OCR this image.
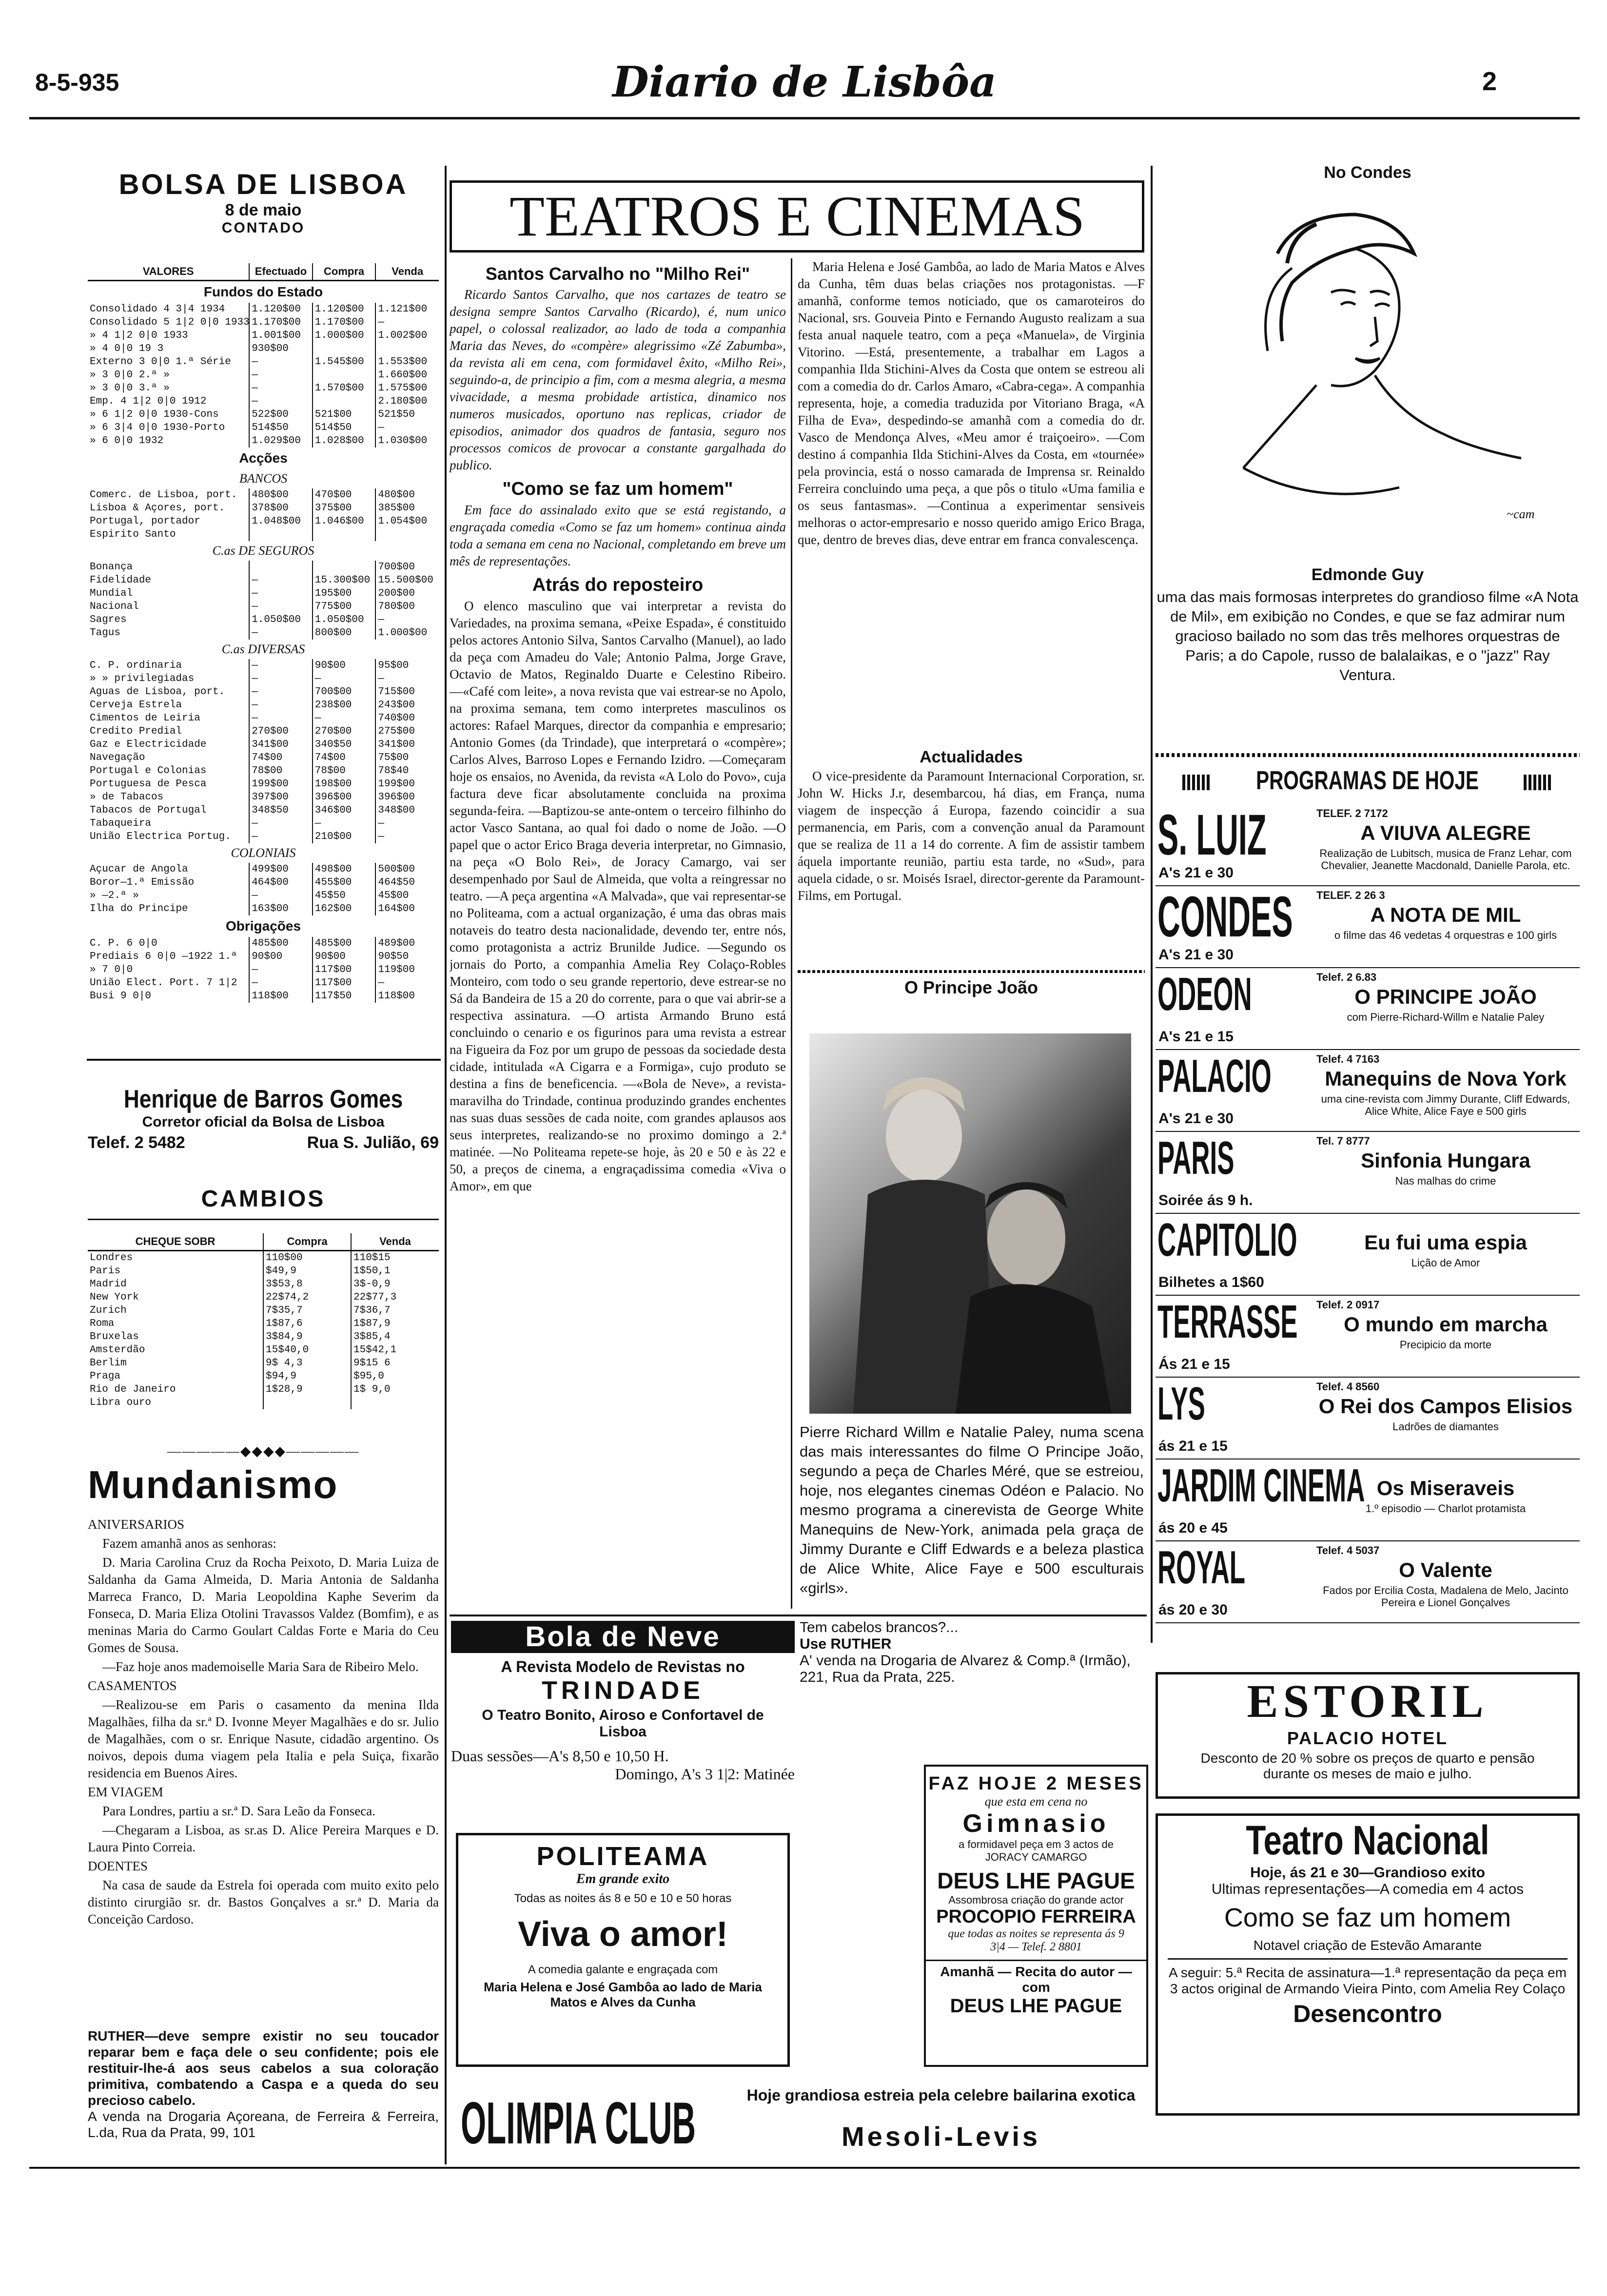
8-5-935	Diario de Lisbôa	2
BOLSA DE LISBOA
8 de maio
CONTADO
VALORES	Efectuado	Compra	Venda
Fundos do Estado			
Consolidado 4 3|4 1934	1.120$00	1.120$00	1.121$00
Consolidado 5 1|2 0|0 1933	1.170$00	1.170$00	—
» 4 1|2 0|0 1933	1.001$00	1.000$00	1.002$00
» 4 0|0 19 3	930$00		
Externo 3 0|0 1.ª Série	—	1.545$00	1.553$00
» 3 0|0 2.ª »	—		1.660$00
» 3 0|0 3.ª »	—	1.570$00	1.575$00
Emp. 4 1|2 0|0 1912	—		2.180$00
» 6 1|2 0|0 1930-Cons	522$00	521$00	521$50
» 6 3|4 0|0 1930-Porto	514$50	514$50	—
» 6 0|0 1932	1.029$00	1.028$00	1.030$00
Acções			
BANCOS			
Comerc. de Lisboa, port.	480$00	470$00	480$00
Lisboa & Açores, port.	378$00	375$00	385$00
Portugal, portador	1.048$00	1.046$00	1.054$00
Espirito Santo			
C.as DE SEGUROS			
Bonança			700$00
Fidelidade	—	15.300$00	15.500$00
Mundial	—	195$00	200$00
Nacional	—	775$00	780$00
Sagres	1.050$00	1.050$00	—
Tagus	—	800$00	1.000$00
C.as DIVERSAS			
C. P. ordinaria	—	90$00	95$00
» » privilegiadas	—	—	—
Aguas de Lisboa, port.	—	700$00	715$00
Cerveja Estrela	—	238$00	243$00
Cimentos de Leiria	—	—	740$00
Credito Predial	270$00	270$00	275$00
Gaz e Electricidade	341$00	340$50	341$00
Navegação	74$00	74$00	75$00
Portugal e Colonias	78$00	78$00	78$40
Portuguesa de Pesca	199$00	198$00	199$00
» de Tabacos	397$00	396$00	396$00
Tabacos de Portugal	348$50	346$00	348$00
Tabaqueira	—	—	—
União Electrica Portug.	—	210$00	—
COLONIAIS			
Açucar de Angola	499$00	498$00	500$00
Boror—1.ª Emissão	464$00	455$00	464$50
» —2.ª »	—	45$50	45$00
Ilha do Principe	163$00	162$00	164$00
Obrigações			
C. P. 6 0|0	485$00	485$00	489$00
Prediais 6 0|0 —1922 1.ª	90$00	90$00	90$50
» 7 0|0	—	117$00	119$00
União Elect. Port. 7 1|2	—	117$00	—
Busi 9 0|0	118$00	117$50	118$00
Henrique de Barros Gomes
Corretor oficial da Bolsa de Lisboa
Telef. 2 5482	Rua S. Julião, 69
CAMBIOS
CHEQUE SOBR	Compra	Venda
Londres	110$00	110$15
Paris	$49,9	1$50,1
Madrid	3$53,8	3$-0,9
New York	22$74,2	22$77,3
Zurich	7$35,7	7$36,7
Roma	1$87,6	1$87,9
Bruxelas	3$84,9	3$85,4
Amsterdão	15$40,0	15$42,1
Berlim	9$ 4,3	9$15 6
Praga	$94,9	$95,0
Rio de Janeiro	1$28,9	1$ 9,0
Libra ouro		
—————◆◆◆◆—————
Mundanismo

ANIVERSARIOS

Fazem amanhã anos as senhoras:

D. Maria Carolina Cruz da Rocha Peixoto, D. Maria Luiza de Saldanha da Gama Almeida, D. Maria Antonia de Saldanha Marreca Franco, D. Maria Leopoldina Kaphe Severim da Fonseca, D. Maria Eliza Otolini Travassos Valdez (Bomfim), e as meninas Maria do Carmo Goulart Caldas Forte e Maria do Ceu Gomes de Sousa.

—Faz hoje anos mademoiselle Maria Sara de Ribeiro Melo.

CASAMENTOS

—Realizou-se em Paris o casamento da menina Ilda Magalhães, filha da sr.ª D. Ivonne Meyer Magalhães e do sr. Julio de Magalhães, com o sr. Enrique Nasute, cidadão argentino. Os noivos, depois duma viagem pela Italia e pela Suiça, fixarão residencia em Buenos Aires.

EM VIAGEM

Para Londres, partiu a sr.ª D. Sara Leão da Fonseca.

—Chegaram a Lisboa, as sr.as D. Alice Pereira Marques e D. Laura Pinto Correia.

DOENTES

Na casa de saude da Estrela foi operada com muito exito pelo distinto cirurgião sr. dr. Bastos Gonçalves a sr.ª D. Maria da Conceição Cardoso.

RUTHER—deve sempre existir no seu toucador reparar bem e faça dele o seu confidente; pois ele restituir-lhe-á aos seus cabelos a sua coloração primitiva, combatendo a Caspa e a queda do seu precioso cabelo.
A venda na Drogaria Açoreana, de Ferreira & Ferreira, L.da, Rua da Prata, 99, 101
TEATROS E CINEMAS
Santos Carvalho no "Milho Rei"

Ricardo Santos Carvalho, que nos cartazes de teatro se designa sempre Santos Carvalho (Ricardo), é, num unico papel, o colossal realizador, ao lado de toda a companhia Maria das Neves, do «compère» alegrissimo «Zé Zabumba», da revista ali em cena, com formidavel êxito, «Milho Rei», seguindo-a, de principio a fim, com a mesma alegria, a mesma vivacidade, a mesma probidade artistica, dinamico nos numeros musicados, oportuno nas replicas, criador de episodios, animador dos quadros de fantasia, seguro nos processos comicos de provocar a constante gargalhada do publico.

"Como se faz um homem"

Em face do assinalado exito que se está registando, a engraçada comedia «Como se faz um homem» continua ainda toda a semana em cena no Nacional, completando em breve um mês de representações.

Atrás do reposteiro

O elenco masculino que vai interpretar a revista do Variedades, na proxima semana, «Peixe Espada», é constituido pelos actores Antonio Silva, Santos Carvalho (Manuel), ao lado da peça com Amadeu do Vale; Antonio Palma, Jorge Grave, Octavio de Matos, Reginaldo Duarte e Celestino Ribeiro. —«Café com leite», a nova revista que vai estrear-se no Apolo, na proxima semana, tem como interpretes masculinos os actores: Rafael Marques, director da companhia e empresario; Antonio Gomes (da Trindade), que interpretará o «compère»; Carlos Alves, Barroso Lopes e Fernando Izidro. —Começaram hoje os ensaios, no Avenida, da revista «A Lolo do Povo», cuja factura deve ficar absolutamente concluida na proxima segunda-feira. —Baptizou-se ante-ontem o terceiro filhinho do actor Vasco Santana, ao qual foi dado o nome de João. —O papel que o actor Erico Braga deveria interpretar, no Gimnasio, na peça «O Bolo Rei», de Joracy Camargo, vai ser desempenhado por Saul de Almeida, que volta a reingressar no teatro. —A peça argentina «A Malvada», que vai representar-se no Politeama, com a actual organização, é uma das obras mais notaveis do teatro desta nacionalidade, devendo ter, entre nós, como protagonista a actriz Brunilde Judice. —Segundo os jornais do Porto, a companhia Amelia Rey Colaço-Robles Monteiro, com todo o seu grande repertorio, deve estrear-se no Sá da Bandeira de 15 a 20 do corrente, para o que vai abrir-se a respectiva assinatura. —O artista Armando Bruno está concluindo o cenario e os figurinos para uma revista a estrear na Figueira da Foz por um grupo de pessoas da sociedade desta cidade, intitulada «A Cigarra e a Formiga», cujo produto se destina a fins de beneficencia. —«Bola de Neve», a revista-maravilha do Trindade, continua produzindo grandes enchentes nas suas duas sessões de cada noite, com grandes aplausos aos seus interpretes, realizando-se no proximo domingo a 2.ª matinée. —No Politeama repete-se hoje, às 20 e 50 e às 22 e 50, a preços de cinema, a engraçadissima comedia «Viva o Amor», em que

Maria Helena e José Gambôa, ao lado de Maria Matos e Alves da Cunha, têm duas belas criações nos protagonistas. —F amanhã, conforme temos noticiado, que os camaroteiros do Nacional, srs. Gouveia Pinto e Fernando Augusto realizam a sua festa anual naquele teatro, com a peça «Manuela», de Virginia Vitorino. —Está, presentemente, a trabalhar em Lagos a companhia Ilda Stichini-Alves da Costa que ontem se estreou ali com a comedia do dr. Carlos Amaro, «Cabra-cega». A companhia representa, hoje, a comedia traduzida por Vitoriano Braga, «A Filha de Eva», despedindo-se amanhã com a comedia do dr. Vasco de Mendonça Alves, «Meu amor é traiçoeiro». —Com destino á companhia Ilda Stichini-Alves da Costa, em «tournée» pela provincia, está o nosso camarada de Imprensa sr. Reinaldo Ferreira concluindo uma peça, a que pôs o titulo «Uma familia e os seus fantasmas». —Continua a experimentar sensiveis melhoras o actor-empresario e nosso querido amigo Erico Braga, que, dentro de breves dias, deve entrar em franca convalescença.

Actualidades

O vice-presidente da Paramount Internacional Corporation, sr. John W. Hicks J.r, desembarcou, há dias, em França, numa viagem de inspecção á Europa, fazendo coincidir a sua permanencia, em Paris, com a convenção anual da Paramount que se realiza de 11 a 14 do corrente. A fim de assistir tambem áquela importante reunião, partiu esta tarde, no «Sud», para aquela cidade, o sr. Moisés Israel, director-gerente da Paramount-Films, em Portugal.

O Principe João
Pierre Richard Willm e Natalie Paley, numa scena das mais interessantes do filme O Principe João, segundo a peça de Charles Méré, que se estreiou, hoje, nos elegantes cinemas Odéon e Palacio. No mesmo programa a cinerevista de George White Manequins de New-York, animada pela graça de Jimmy Durante e Cliff Edwards e a beleza plastica de Alice White, Alice Faye e 500 esculturais «girls».
Bola de Neve
A Revista Modelo de Revistas no
TRINDADE
O Teatro Bonito, Airoso e Confortavel de Lisboa
Duas sessões—A's 8,50 e 10,50 H.
Domingo, A's 3 1|2: Matinée
Tem cabelos brancos?...
Use RUTHER
A' venda na Drogaria de Alvarez & Comp.ª (Irmão), 221, Rua da Prata, 225.
POLITEAMA
Em grande exito
Todas as noites ás 8 e 50 e 10 e 50 horas
Viva o amor!
A comedia galante e engraçada com
Maria Helena e José Gambôa ao lado de Maria Matos e Alves da Cunha
FAZ HOJE 2 MESES
que esta em cena no
Gimnasio
a formidavel peça em 3 actos de JORACY CAMARGO
DEUS LHE PAGUE
Assombrosa criação do grande actor
PROCOPIO FERREIRA
que todas as noites se representa ás 9 3|4 — Telef. 2 8801
Amanhã — Recita do autor — com
DEUS LHE PAGUE
OLIMPIA CLUB	Hoje grandiosa estreia pela celebre bailarina exotica
Mesoli-Levis
No Condes
~cam
Edmonde Guy
uma das mais formosas interpretes do grandioso filme «A Nota de Mil», em exibição no Condes, e que se faz admirar num gracioso bailado no som das três melhores orquestras de Paris; a do Capole, russo de balalaikas, e o "jazz" Ray Ventura.
PROGRAMAS DE HOJE
S. LUIZ	TELEF. 2 7172
A's 21 e 30
A VIUVA ALEGRE
Realização de Lubitsch, musica de Franz Lehar, com Chevalier, Jeanette Macdonald, Danielle Parola, etc.
CONDES TELEF. 2 26 3
A's 21 e 30
A NOTA DE MIL
o filme das 46 vedetas 4 orquestras e 100 girls
ODEON	Telef. 2 6.83
A's 21 e 15
O PRINCIPE JOÃO
com Pierre-Richard-Willm e Natalie Paley
PALACIO	Telef. 4 7163
A's 21 e 30
Manequins de Nova York
uma cine-revista com Jimmy Durante, Cliff Edwards, Alice White, Alice Faye e 500 girls
PARIS	Tel. 7 8777
Soirée ás 9 h.
Sinfonia Hungara
Nas malhas do crime
CAPITOLIO
Bilhetes a 1$60
Eu fui uma espia
Lição de Amor
TERRASSE Telef. 2 0917
Ás 21 e 15
O mundo em marcha
Precipicio da morte
LYS	Telef. 4 8560
ás 21 e 15
O Rei dos Campos Elisios
Ladrões de diamantes
JARDIM CINEMA
ás 20 e 45
Os Miseraveis
1.º episodio — Charlot protamista
ROYAL	Telef. 4 5037
ás 20 e 30
O Valente
Fados por Ercilia Costa, Madalena de Melo, Jacinto Pereira e Lionel Gonçalves
ESTORIL
PALACIO HOTEL
Desconto de 20 % sobre os preços de quarto e pensão durante os meses de maio e julho.
Teatro Nacional
Hoje, ás 21 e 30—Grandioso exito
Ultimas representações—A comedia em 4 actos
Como se faz um homem
Notavel criação de Estevão Amarante
A seguir: 5.ª Recita de assinatura—1.ª representação da peça em 3 actos original de Armando Vieira Pinto, com Amelia Rey Colaço
Desencontro
